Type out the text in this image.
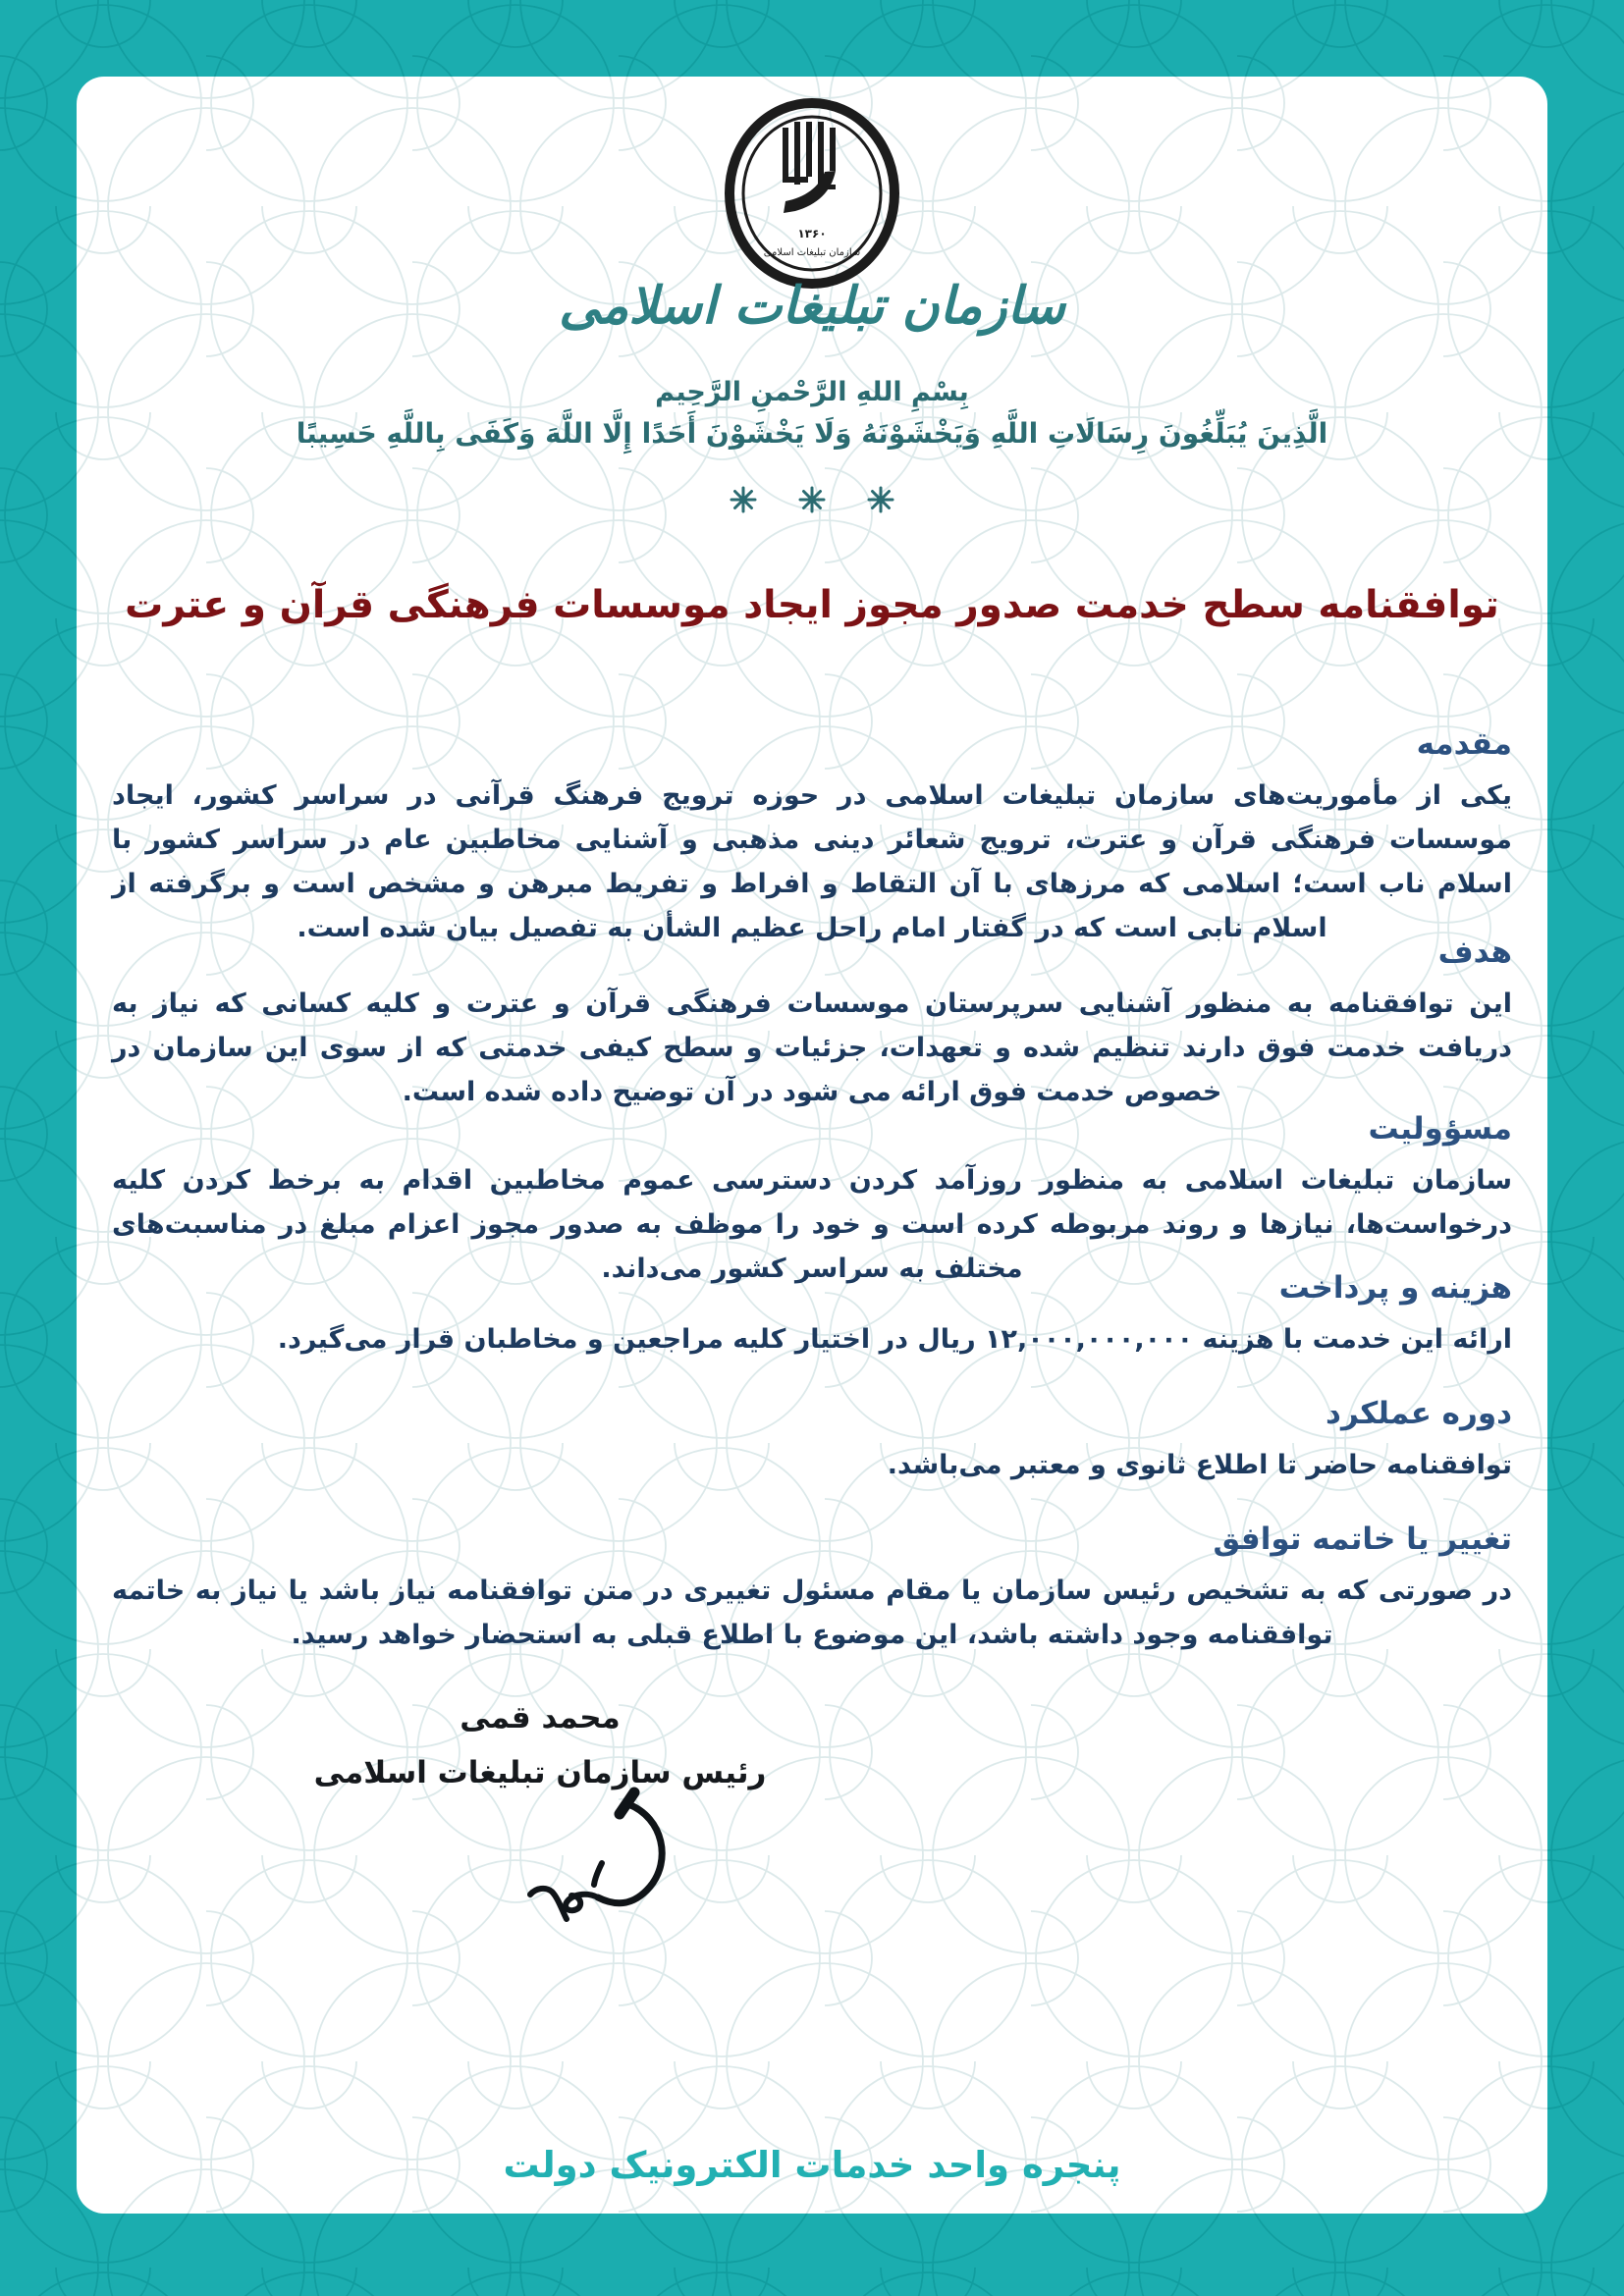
۱۳۶۰
سازمان تبلیغات اسلامی
سازمان تبلیغات اسلامی
بِسْمِ اللهِ الرَّحْمنِ الرَّحِیم
الَّذِينَ يُبَلِّغُونَ رِسَالَاتِ اللَّهِ وَيَخْشَوْنَهُ وَلَا يَخْشَوْنَ أَحَدًا إِلَّا اللَّهَ وَكَفَى بِاللَّهِ حَسِيبًا
توافقنامه سطح خدمت صدور مجوز ایجاد موسسات فرهنگی قرآن و عترت
مقدمه

یکی از مأموریت‌های سازمان تبلیغات اسلامی در حوزه ترویج فرهنگ قرآنی در سراسر کشور، ایجاد موسسات فرهنگی قرآن و عترت، ترویج شعائر دینی مذهبی و آشنایی مخاطبین عام در سراسر کشور با اسلام ناب است؛ اسلامی که مرزهای با آن التقاط و افراط و تفریط مبرهن و مشخص است و برگرفته از اسلام نابی است که در گفتار امام راحل عظیم الشأن به تفصیل بیان شده است.

هدف

این توافقنامه به منظور آشنایی سرپرستان موسسات فرهنگی قرآن و عترت و کلیه کسانی که نیاز به دریافت خدمت فوق دارند تنظیم شده و تعهدات، جزئیات و سطح کیفی خدمتی که از سوی این سازمان در خصوص خدمت فوق ارائه می شود در آن توضیح داده شده است.

مسؤولیت

سازمان تبلیغات اسلامی به منظور روزآمد کردن دسترسی عموم مخاطبین اقدام به برخط کردن کلیه درخواست‌ها، نیازها و روند مربوطه کرده است و خود را موظف به صدور مجوز اعزام مبلغ در مناسبت‌های مختلف به سراسر کشور می‌داند.

هزینه و پرداخت

ارائه این خدمت با هزینه ۱۲,۰۰۰,۰۰۰,۰۰۰ ریال در اختیار کلیه مراجعین و مخاطبان قرار می‌گیرد.

دوره عملکرد

توافقنامه حاضر تا اطلاع ثانوی و معتبر می‌باشد.

تغییر یا خاتمه توافق

در صورتی که به تشخیص رئیس سازمان یا مقام مسئول تغییری در متن توافقنامه نیاز باشد یا نیاز به خاتمه توافقنامه وجود داشته باشد، این موضوع با اطلاع قبلی به استحضار خواهد رسید.

محمد قمی
رئیس سازمان تبلیغات اسلامی
پنجره واحد خدمات الکترونیک دولت
